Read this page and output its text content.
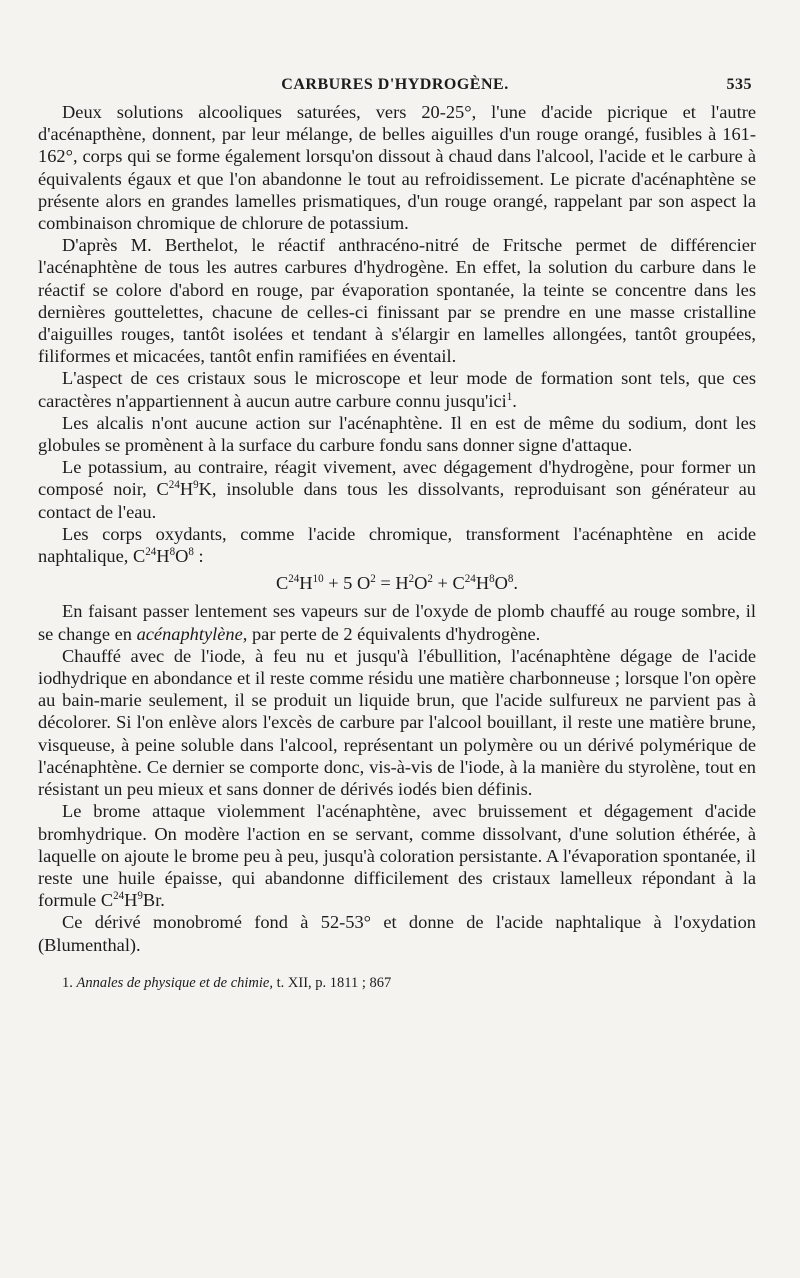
CARBURES D'HYDROGÈNE.	535

Deux solutions alcooliques saturées, vers 20-25°, l'une d'acide picrique et l'autre d'acénapthène, donnent, par leur mélange, de belles aiguilles d'un rouge orangé, fusibles à 161-162°, corps qui se forme également lorsqu'on dissout à chaud dans l'alcool, l'acide et le carbure à équivalents égaux et que l'on abandonne le tout au refroidissement. Le picrate d'acénaphtène se présente alors en grandes lamelles prismatiques, d'un rouge orangé, rappelant par son aspect la combinaison chromique de chlorure de potassium.

D'après M. Berthelot, le réactif anthracéno-nitré de Fritsche permet de différencier l'acénaphtène de tous les autres carbures d'hydrogène. En effet, la solution du carbure dans le réactif se colore d'abord en rouge, par évaporation spontanée, la teinte se concentre dans les dernières gouttelettes, chacune de celles-ci finissant par se prendre en une masse cristalline d'aiguilles rouges, tantôt isolées et tendant à s'élargir en lamelles allongées, tantôt groupées, filiformes et micacées, tantôt enfin ramifiées en éventail.

L'aspect de ces cristaux sous le microscope et leur mode de formation sont tels, que ces caractères n'appartiennent à aucun autre carbure connu jusqu'ici$^1$.

Les alcalis n'ont aucune action sur l'acénaphtène. Il en est de même du sodium, dont les globules se promènent à la surface du carbure fondu sans donner signe d'attaque.

Le potassium, au contraire, réagit vivement, avec dégagement d'hydrogène, pour former un composé noir, $C^{24}H^9K$, insoluble dans tous les dissolvants, reproduisant son générateur au contact de l'eau.

Les corps oxydants, comme l'acide chromique, transforment l'acénaphtène en acide naphtalique, $C^{24}H^8O^8$ :

$C^{24}H^{10} + 5$ $O^2 = H^2O^2 + C^{24}H^8O^8$.

En faisant passer lentement ses vapeurs sur de l'oxyde de plomb chauffé au rouge sombre, il se change en acénaphtylène, par perte de 2 équivalents d'hydrogène.

Chauffé avec de l'iode, à feu nu et jusqu'à l'ébullition, l'acénaphtène dégage de l'acide iodhydrique en abondance et il reste comme résidu une matière charbonneuse ; lorsque l'on opère au bain-marie seulement, il se produit un liquide brun, que l'acide sulfureux ne parvient pas à décolorer. Si l'on enlève alors l'excès de carbure par l'alcool bouillant, il reste une matière brune, visqueuse, à peine soluble dans l'alcool, représentant un polymère ou un dérivé polymérique de l'acénaphtène. Ce dernier se comporte donc, vis-à-vis de l'iode, à la manière du styrolène, tout en résistant un peu mieux et sans donner de dérivés iodés bien définis.

Le brome attaque violemment l'acénaphtène, avec bruissement et dégagement d'acide bromhydrique. On modère l'action en se servant, comme dissolvant, d'une solution éthérée, à laquelle on ajoute le brome peu à peu, jusqu'à coloration persistante. A l'évaporation spontanée, il reste une huile épaisse, qui abandonne difficilement des cristaux lamelleux répondant à la formule $C^{24}H^9Br$.

Ce dérivé monobromé fond à 52-53° et donne de l'acide naphtalique à l'oxydation (Blumenthal).

1. Annales de physique et de chimie, t. XII, p. 1811 ; 867
